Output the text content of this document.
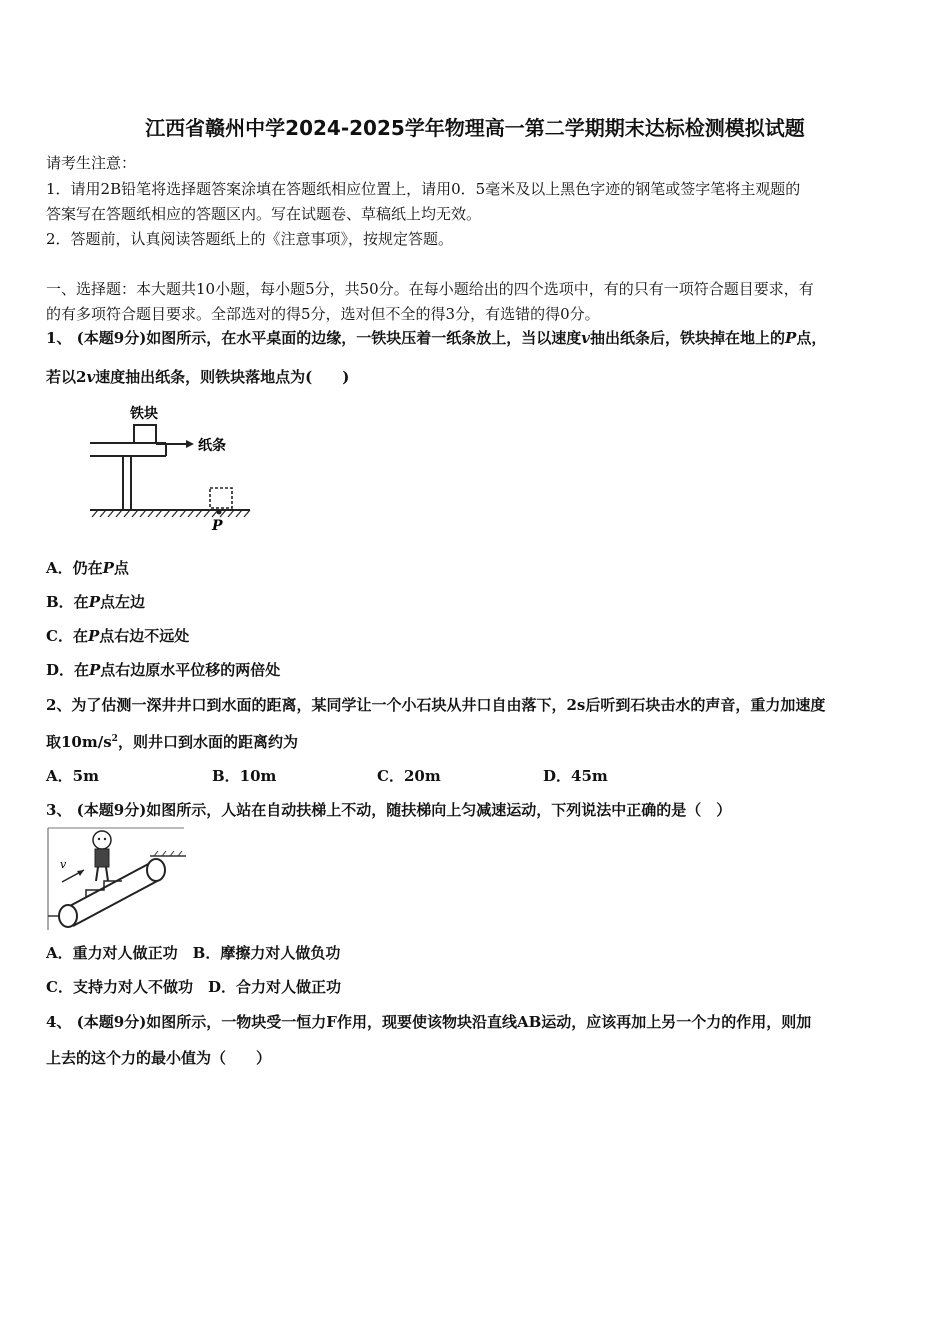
江西省赣州中学2024-2025学年物理高一第二学期期末达标检测模拟试题
请考生注意：
1．请用2B铅笔将选择题答案涂填在答题纸相应位置上，请用0．5毫米及以上黑色字迹的钢笔或签字笔将主观题的
答案写在答题纸相应的答题区内。写在试题卷、草稿纸上均无效。
2．答题前，认真阅读答题纸上的《注意事项》，按规定答题。
一、选择题：本大题共10小题，每小题5分，共50分。在每小题给出的四个选项中，有的只有一项符合题目要求，有
的有多项符合题目要求。全部选对的得5分，选对但不全的得3分，有选错的得0分。
1、 (本题9分)如图所示，在水平桌面的边缘，一铁块压着一纸条放上，当以速度v抽出纸条后，铁块掉在地上的P点，
若以2v速度抽出纸条，则铁块落地点为(　　)
铁块
纸条
P
A．仍在P点
B．在P点左边
C．在P点右边不远处
D．在P点右边原水平位移的两倍处
2、为了估测一深井井口到水面的距离，某同学让一个小石块从井口自由落下，2s后听到石块击水的声音，重力加速度
取$10m/s^2$，则井口到水面的距离约为
A．5m	B．10m	C．20m	D．45m
3、 (本题9分)如图所示，人站在自动扶梯上不动，随扶梯向上匀减速运动，下列说法中正确的是（　）
v
A．重力对人做正功　B．摩擦力对人做负功
C．支持力对人不做功　D．合力对人做正功
4、 (本题9分)如图所示，一物块受一恒力F作用，现要使该物块沿直线AB运动，应该再加上另一个力的作用，则加
上去的这个力的最小值为（　　）
